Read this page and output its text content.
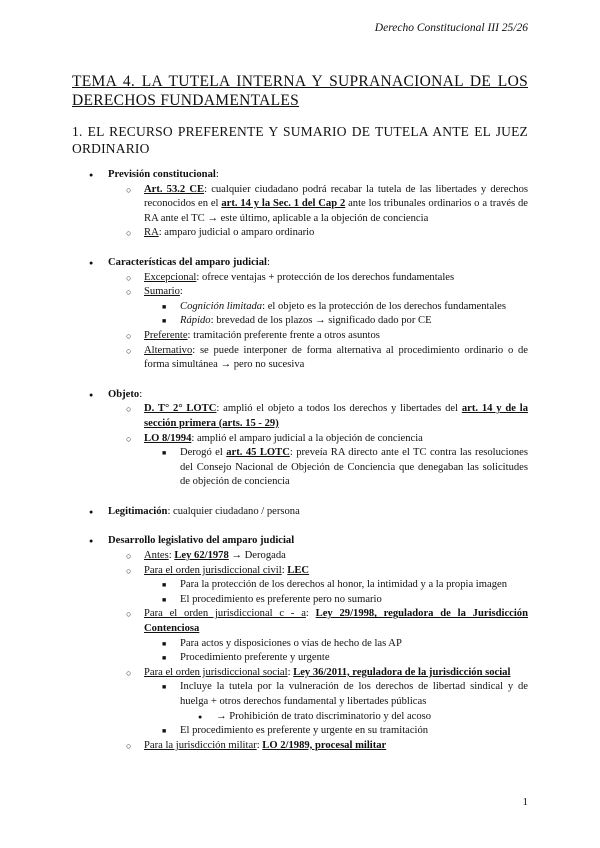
Derecho Constitucional III 25/26
TEMA 4. LA TUTELA INTERNA Y SUPRANACIONAL DE LOS DERECHOS FUNDAMENTALES
1. EL RECURSO PREFERENTE Y SUMARIO DE TUTELA ANTE EL JUEZ ORDINARIO

● Previsión constitucional:

○ Art. 53.2 CE: cualquier ciudadano podrá recabar la tutela de las libertades y derechos reconocidos en el art. 14 y la Sec. 1 del Cap 2 ante los tribunales ordinarios o a través de RA ante el TC → este último, aplicable a la objeción de conciencia

○ RA: amparo judicial o amparo ordinario

● Características del amparo judicial:

○ Excepcional: ofrece ventajas + protección de los derechos fundamentales

○ Sumario:

■ Cognición limitada: el objeto es la protección de los derechos fundamentales

■ Rápido: brevedad de los plazos → significado dado por CE

○ Preferente: tramitación preferente frente a otros asuntos

○ Alternativo: se puede interponer de forma alternativa al procedimiento ordinario o de forma simultánea → pero no sucesiva

● Objeto:

○ D. T° 2° LOTC: amplió el objeto a todos los derechos y libertades del art. 14 y de la sección primera (arts. 15 - 29)

○ LO 8/1994: amplió el amparo judicial a la objeción de conciencia

■ Derogó el art. 45 LOTC: preveía RA directo ante el TC contra las resoluciones del Consejo Nacional de Objeción de Conciencia que denegaban las solicitudes de objeción de conciencia

● Legitimación: cualquier ciudadano / persona

● Desarrollo legislativo del amparo judicial

○ Antes: Ley 62/1978 → Derogada

○ Para el orden jurisdiccional civil: LEC

■ Para la protección de los derechos al honor, la intimidad y a la propia imagen

■ El procedimiento es preferente pero no sumario

○ Para el orden jurisdiccional c - a: Ley 29/1998, reguladora de la Jurisdicción Contenciosa

■ Para actos y disposiciones o vías de hecho de las AP

■ Procedimiento preferente y urgente

○ Para el orden jurisdiccional social: Ley 36/2011, reguladora de la jurisdicción social

■ Incluye la tutela por la vulneración de los derechos de libertad sindical y de huelga + otros derechos fundamental y libertades públicas

● → Prohibición de trato discriminatorio y del acoso

■ El procedimiento es preferente y urgente en su tramitación

○ Para la jurisdicción militar: LO 2/1989, procesal militar

1
